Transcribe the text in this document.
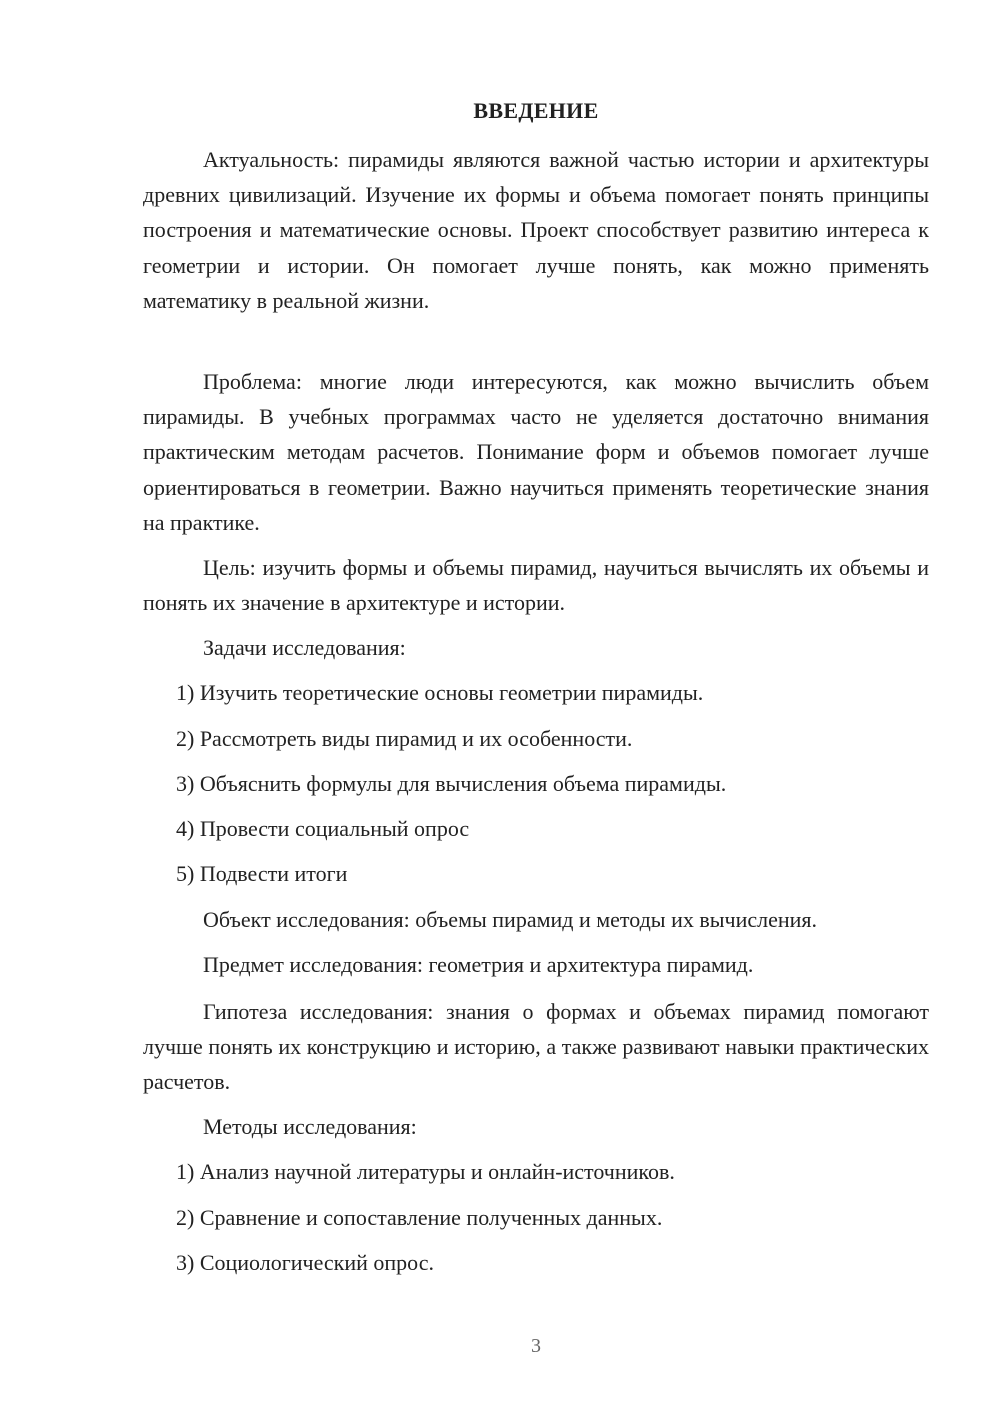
ВВЕДЕНИЕ

Актуальность: пирамиды являются важной частью истории и архитектуры древних цивилизаций. Изучение их формы и объема помогает понять принципы построения и математические основы. Проект способствует развитию интереса к геометрии и истории. Он помогает лучше понять, как можно применять математику в реальной жизни.

Проблема: многие люди интересуются, как можно вычислить объем пирамиды. В учебных программах часто не уделяется достаточно внимания практическим методам расчетов. Понимание форм и объемов помогает лучше ориентироваться в геометрии. Важно научиться применять теоретические знания на практике.

Цель: изучить формы и объемы пирамид, научиться вычислять их объемы и понять их значение в архитектуре и истории.

Задачи исследования:

1) Изучить теоретические основы геометрии пирамиды.

2) Рассмотреть виды пирамид и их особенности.

3) Объяснить формулы для вычисления объема пирамиды.

4) Провести социальный опрос

5) Подвести итоги

Объект исследования: объемы пирамид и методы их вычисления.

Предмет исследования: геометрия и архитектура пирамид.

Гипотеза исследования: знания о формах и объемах пирамид помогают лучше понять их конструкцию и историю, а также развивают навыки практических расчетов.

Методы исследования:

1) Анализ научной литературы и онлайн-источников.

2) Сравнение и сопоставление полученных данных.

3) Социологический опрос.

3
